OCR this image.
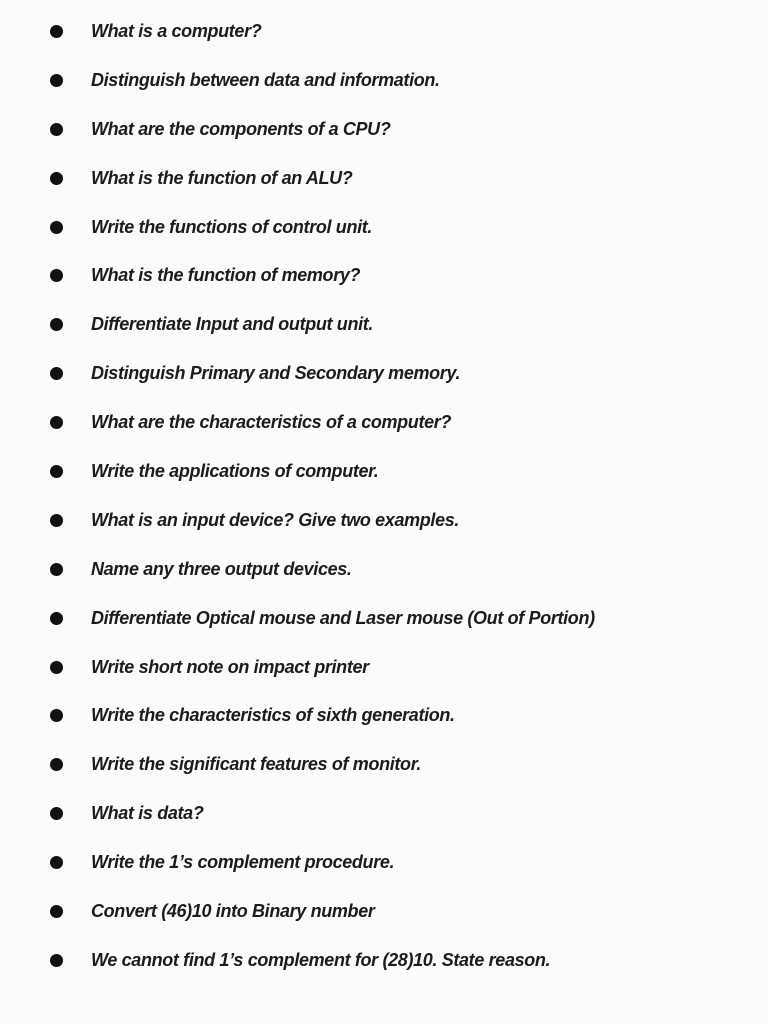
What is a computer?
Distinguish between data and information.
What are the components of a CPU?
What is the function of an ALU?
Write the functions of control unit.
What is the function of memory?
Differentiate Input and output unit.
Distinguish Primary and Secondary memory.
What are the characteristics of a computer?
Write the applications of computer.
What is an input device? Give two examples.
Name any three output devices.
Differentiate Optical mouse and Laser mouse (Out of Portion)
Write short note on impact printer
Write the characteristics of sixth generation.
Write the significant features of monitor.
What is data?
Write the 1’s complement procedure.
Convert (46)10 into Binary number
We cannot find 1’s complement for (28)10. State reason.
